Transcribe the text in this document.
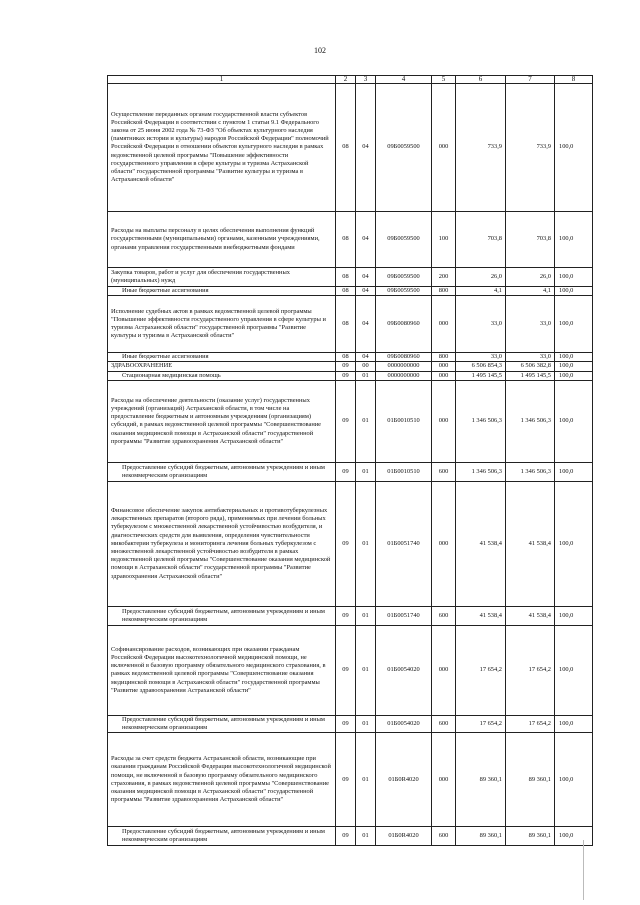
102
1	2	3	4	5	6	7	8
Осуществление переданных органам государственной власти субъектов Российской Федерации в соответствии с пунктом 1 статьи 9.1 Федерального закона от 25 июня 2002 года № 73-ФЗ "Об объектах культурного наследия (памятниках истории и культуры) народов Российской Федерации" полномочий Российской Федерации в отношении объектов культурного наследия в рамках ведомственной целевой программы "Повышение эффективности государственного управления в сфере культуры и туризма Астраханской области" государственной программы "Развитие культуры и туризма в Астраханской области"	08	04	09Б0059500	000	733,9	733,9	100,0
Расходы на выплаты персоналу в целях обеспечения выполнения функций государственными (муниципальными) органами, казенными учреждениями, органами управления государственными внебюджетными фондами	08	04	09Б0059500	100	703,8	703,8	100,0
Закупка товаров, работ и услуг для обеспечения государственных (муниципальных) нужд	08	04	09Б0059500	200	26,0	26,0	100,0
Иные бюджетные ассигнования	08	04	09Б0059500	800	4,1	4,1	100,0
Исполнение судебных актов в рамках ведомственной целевой программы "Повышение эффективности государственного управления в сфере культуры и туризма Астраханской области" государственной программы "Развитие культуры и туризма в Астраханской области"	08	04	09Б0080960	000	33,0	33,0	100,0
Иные бюджетные ассигнования	08	04	09Б0080960	800	33,0	33,0	100,0
ЗДРАВООХРАНЕНИЕ	09	00	0000000000	000	6 506 854,3	6 506 382,8	100,0
Стационарная медицинская помощь	09	01	0000000000	000	1 495 145,5	1 495 145,5	100,0
Расходы на обеспечение деятельности (оказание услуг) государственных учреждений (организаций) Астраханской области, в том числе на предоставление бюджетным и автономным учреждениям (организациям) субсидий, в рамках ведомственной целевой программы "Совершенствование оказания медицинской помощи в Астраханской области" государственной программы "Развитие здравоохранения Астраханской области"	09	01	01Б0010510	000	1 346 506,3	1 346 506,3	100,0
Предоставление субсидий бюджетным, автономным учреждениям и иным некоммерческим организациям	09	01	01Б0010510	600	1 346 506,3	1 346 506,3	100,0
Финансовое обеспечение закупок антибактериальных и противотуберкулезных лекарственных препаратов (второго ряда), применяемых при лечении больных туберкулезом с множественной лекарственной устойчивостью возбудителя, и диагностических средств для выявления, определения чувствительности микобактерии туберкулеза и мониторинга лечения больных туберкулезом с множественной лекарственной устойчивостью возбудителя в рамках ведомственной целевой программы "Совершенствование оказания медицинской помощи в Астраханской области" государственной программы "Развитие здравоохранения Астраханской области"	09	01	01Б0051740	000	41 538,4	41 538,4	100,0
Предоставление субсидий бюджетным, автономным учреждениям и иным некоммерческим организациям	09	01	01Б0051740	600	41 538,4	41 538,4	100,0
Софинансирование расходов, возникающих при оказании гражданам Российской Федерации высокотехнологичной медицинской помощи, не включенной в базовую программу обязательного медицинского страхования, в рамках ведомственной целевой программы "Совершенствование оказания медицинской помощи в Астраханской области" государственной программы "Развитие здравоохранения Астраханской области"	09	01	01Б0054020	000	17 654,2	17 654,2	100,0
Предоставление субсидий бюджетным, автономным учреждениям и иным некоммерческим организациям	09	01	01Б0054020	600	17 654,2	17 654,2	100,0
Расходы за счет средств бюджета Астраханской области, возникающие при оказании гражданам Российской Федерации высокотехнологичной медицинской помощи, не включенной в базовую программу обязательного медицинского страхования, в рамках ведомственной целевой программы "Совершенствование оказания медицинской помощи в Астраханской области" государственной программы "Развитие здравоохранения Астраханской области"	09	01	01Б0R4020	000	89 360,1	89 360,1	100,0
Предоставление субсидий бюджетным, автономным учреждениям и иным некоммерческим организациям	09	01	01Б0R4020	600	89 360,1	89 360,1	100,0
